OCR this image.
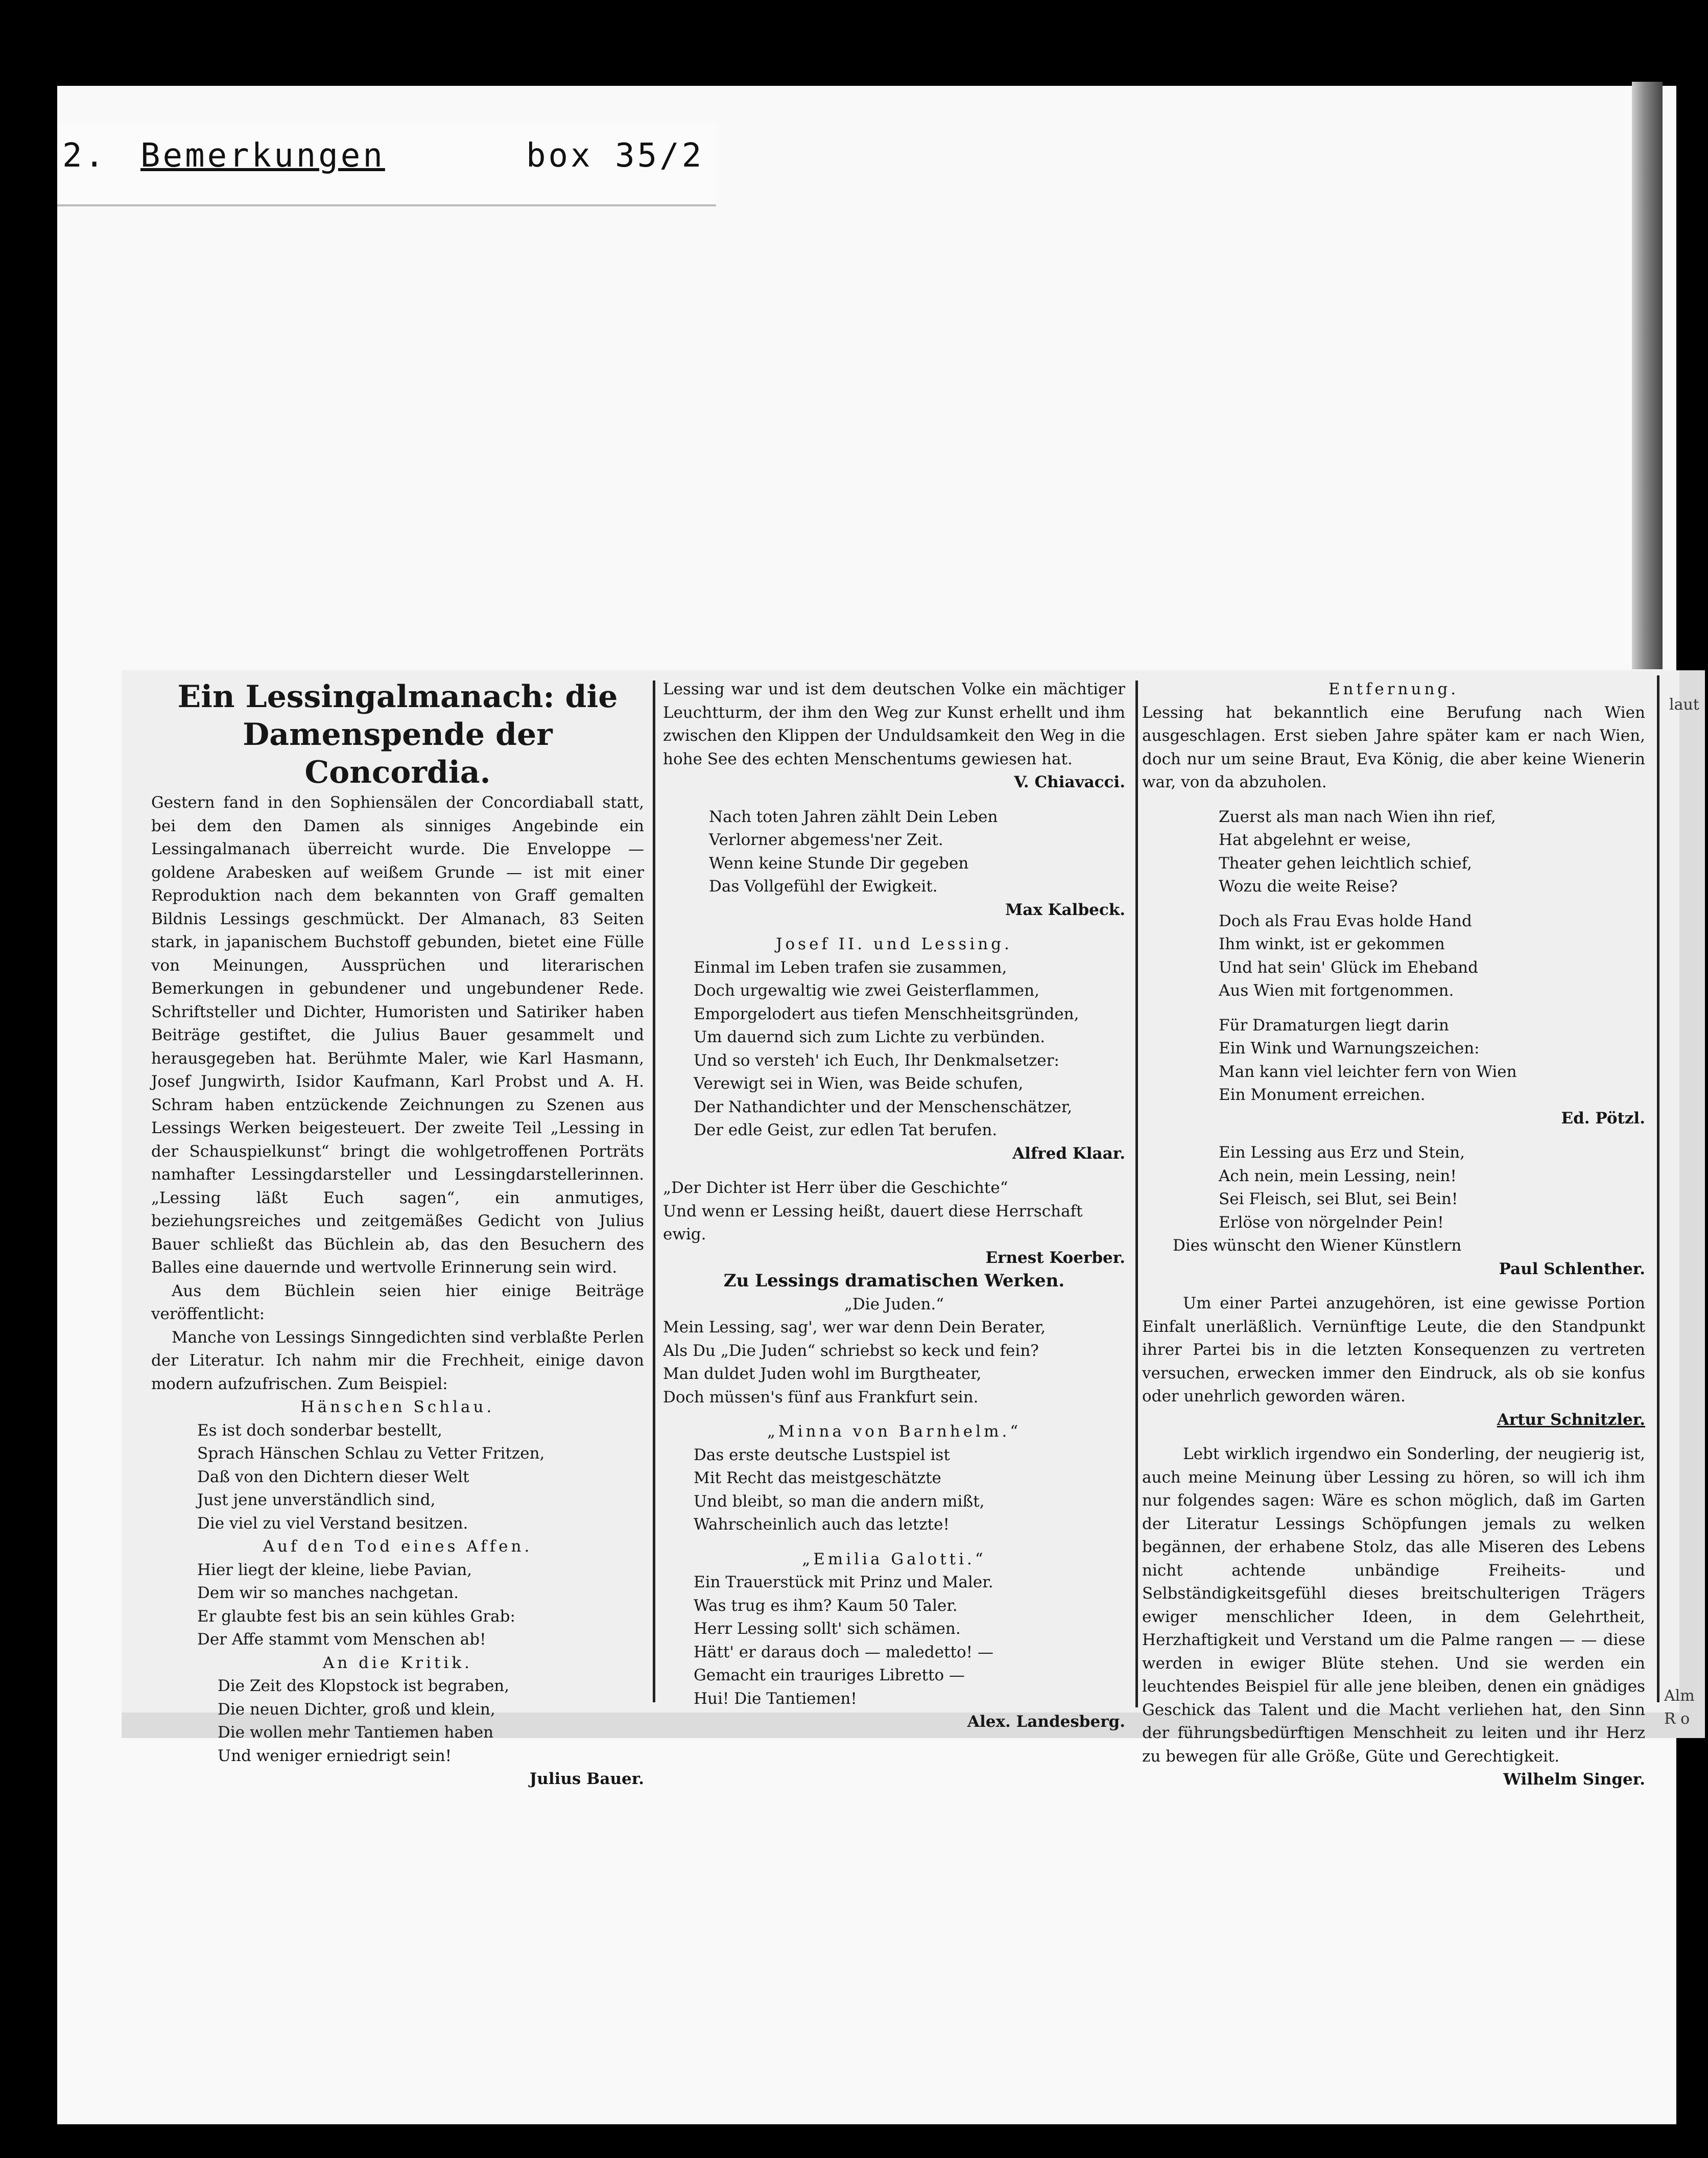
2. Bemerkungen	box 35/2

Ein Lessingalmanach: die Damenspende der Concordia.

Gestern fand in den Sophiensälen der Concordiaball statt, bei dem den Damen als sinniges Angebinde ein Lessingalmanach überreicht wurde. Die Enveloppe — goldene Arabesken auf weißem Grunde — ist mit einer Reproduktion nach dem bekannten von Graff gemalten Bildnis Lessings geschmückt. Der Almanach, 83 Seiten stark, in japanischem Buchstoff gebunden, bietet eine Fülle von Meinungen, Aussprüchen und literarischen Bemerkungen in gebundener und ungebundener Rede. Schriftsteller und Dichter, Humoristen und Satiriker haben Beiträge gestiftet, die Julius Bauer gesammelt und herausgegeben hat. Berühmte Maler, wie Karl Hasmann, Josef Jungwirth, Isidor Kaufmann, Karl Probst und A. H. Schram haben entzückende Zeichnungen zu Szenen aus Lessings Werken beigesteuert. Der zweite Teil „Lessing in der Schauspielkunst“ bringt die wohlgetroffenen Porträts namhafter Lessingdarsteller und Lessingdarstellerinnen. „Lessing läßt Euch sagen“, ein anmutiges, beziehungsreiches und zeitgemäßes Gedicht von Julius Bauer schließt das Büchlein ab, das den Besuchern des Balles eine dauernde und wertvolle Erinnerung sein wird.

Aus dem Büchlein seien hier einige Beiträge veröffentlicht:

Manche von Lessings Sinngedichten sind verblaßte Perlen der Literatur. Ich nahm mir die Frechheit, einige davon modern aufzufrischen. Zum Beispiel:

Hänschen Schlau.

Es ist doch sonderbar bestellt,

Sprach Hänschen Schlau zu Vetter Fritzen,

Daß von den Dichtern dieser Welt

Just jene unverständlich sind,

Die viel zu viel Verstand besitzen.

Auf den Tod eines Affen.

Hier liegt der kleine, liebe Pavian,

Dem wir so manches nachgetan.

Er glaubte fest bis an sein kühles Grab:

Der Affe stammt vom Menschen ab!

An die Kritik.

Die Zeit des Klopstock ist begraben,

Die neuen Dichter, groß und klein,

Die wollen mehr Tantiemen haben

Und weniger erniedrigt sein!

Julius Bauer.

Lessing war und ist dem deutschen Volke ein mächtiger Leuchtturm, der ihm den Weg zur Kunst erhellt und ihm zwischen den Klippen der Unduldsamkeit den Weg in die hohe See des echten Menschentums gewiesen hat.

V. Chiavacci.

Nach toten Jahren zählt Dein Leben

Verlorner abgemess'ner Zeit.

Wenn keine Stunde Dir gegeben

Das Vollgefühl der Ewigkeit.

Max Kalbeck.

Josef II. und Lessing.

Einmal im Leben trafen sie zusammen,

Doch urgewaltig wie zwei Geisterflammen,

Emporgelodert aus tiefen Menschheitsgründen,

Um dauernd sich zum Lichte zu verbünden.

Und so versteh' ich Euch, Ihr Denkmalsetzer:

Verewigt sei in Wien, was Beide schufen,

Der Nathandichter und der Menschenschätzer,

Der edle Geist, zur edlen Tat berufen.

Alfred Klaar.

„Der Dichter ist Herr über die Geschichte“

Und wenn er Lessing heißt, dauert diese Herrschaft ewig.

Ernest Koerber.

Zu Lessings dramatischen Werken.

„Die Juden.“

Mein Lessing, sag', wer war denn Dein Berater,

Als Du „Die Juden“ schriebst so keck und fein?

Man duldet Juden wohl im Burgtheater,

Doch müssen's fünf aus Frankfurt sein.

„Minna von Barnhelm.“

Das erste deutsche Lustspiel ist

Mit Recht das meistgeschätzte

Und bleibt, so man die andern mißt,

Wahrscheinlich auch das letzte!

„Emilia Galotti.“

Ein Trauerstück mit Prinz und Maler.

Was trug es ihm? Kaum 50 Taler.

Herr Lessing sollt' sich schämen.

Hätt' er daraus doch — maledetto! —

Gemacht ein trauriges Libretto —

Hui! Die Tantiemen!

Alex. Landesberg.

Entfernung.

Lessing hat bekanntlich eine Berufung nach Wien ausgeschlagen. Erst sieben Jahre später kam er nach Wien, doch nur um seine Braut, Eva König, die aber keine Wienerin war, von da abzuholen.

Zuerst als man nach Wien ihn rief,

Hat abgelehnt er weise,

Theater gehen leichtlich schief,

Wozu die weite Reise?

Doch als Frau Evas holde Hand

Ihm winkt, ist er gekommen

Und hat sein' Glück im Eheband

Aus Wien mit fortgenommen.

Für Dramaturgen liegt darin

Ein Wink und Warnungszeichen:

Man kann viel leichter fern von Wien

Ein Monument erreichen.

Ed. Pötzl.

Ein Lessing aus Erz und Stein,

Ach nein, mein Lessing, nein!

Sei Fleisch, sei Blut, sei Bein!

Erlöse von nörgelnder Pein!

Dies wünscht den Wiener Künstlern

Paul Schlenther.

Um einer Partei anzugehören, ist eine gewisse Portion Einfalt unerläßlich. Vernünftige Leute, die den Standpunkt ihrer Partei bis in die letzten Konsequenzen zu vertreten versuchen, erwecken immer den Eindruck, als ob sie konfus oder unehrlich geworden wären.

Artur Schnitzler.

Lebt wirklich irgendwo ein Sonderling, der neugierig ist, auch meine Meinung über Lessing zu hören, so will ich ihm nur folgendes sagen: Wäre es schon möglich, daß im Garten der Literatur Lessings Schöpfungen jemals zu welken begännen, der erhabene Stolz, das alle Miseren des Lebens nicht achtende unbändige Freiheits- und Selbständigkeitsgefühl dieses breitschulterigen Trägers ewiger menschlicher Ideen, in dem Gelehrtheit, Herzhaftigkeit und Verstand um die Palme rangen — — diese werden in ewiger Blüte stehen. Und sie werden ein leuchtendes Beispiel für alle jene bleiben, denen ein gnädiges Geschick das Talent und die Macht verliehen hat, den Sinn der führungsbedürftigen Menschheit zu leiten und ihr Herz zu bewegen für alle Größe, Güte und Gerechtigkeit.

Wilhelm Singer.

laut
Alm
R o
